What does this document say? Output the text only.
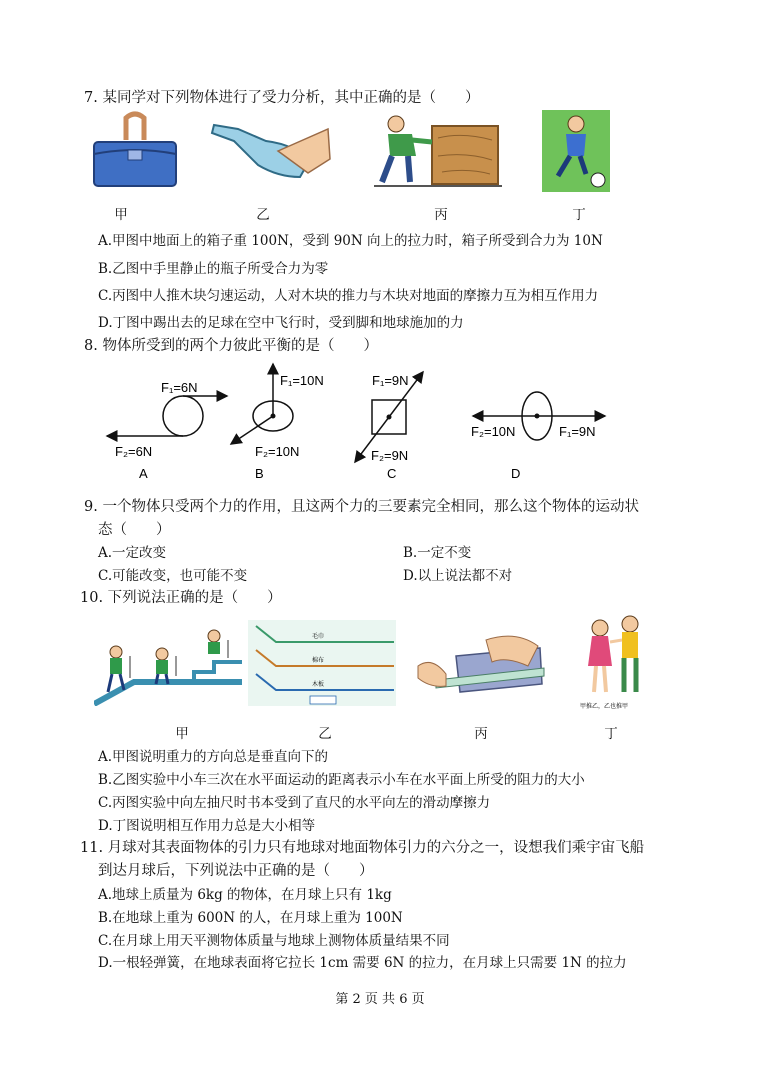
7. 某同学对下列物体进行了受力分析，其中正确的是（　　）
甲	乙	丙	丁
A.甲图中地面上的箱子重 100N，受到 90N 向上的拉力时，箱子所受到合力为 10N
B.乙图中手里静止的瓶子所受合力为零
C.丙图中人推木块匀速运动，人对木块的推力与木块对地面的摩擦力互为相互作用力
D.丁图中踢出去的足球在空中飞行时，受到脚和地球施加的力
8. 物体所受到的两个力彼此平衡的是（　　）
F₁=6N
F₂=6N
A
F₁=10N
F₂=10N
B
F₁=9N
F₂=9N
C
F₂=10N	F₁=9N
D
9. 一个物体只受两个力的作用，且这两个力的三要素完全相同，那么这个物体的运动状
态（　　）
A.一定改变	B.一定不变
C.可能改变，也可能不变	D.以上说法都不对
10. 下列说法正确的是（　　）
毛巾
棉布
木板
甲推乙，乙也推甲
甲	乙	丙	丁
A.甲图说明重力的方向总是垂直向下的
B.乙图实验中小车三次在水平面运动的距离表示小车在水平面上所受的阻力的大小
C.丙图实验中向左抽尺时书本受到了直尺的水平向左的滑动摩擦力
D.丁图说明相互作用力总是大小相等
11. 月球对其表面物体的引力只有地球对地面物体引力的六分之一，设想我们乘宇宙飞船
到达月球后，下列说法中正确的是（　　）
A.地球上质量为 6kg 的物体，在月球上只有 1kg
B.在地球上重为 600N 的人，在月球上重为 100N
C.在月球上用天平测物体质量与地球上测物体质量结果不同
D.一根轻弹簧，在地球表面将它拉长 1cm 需要 6N 的拉力，在月球上只需要 1N 的拉力
第 2 页 共 6 页
